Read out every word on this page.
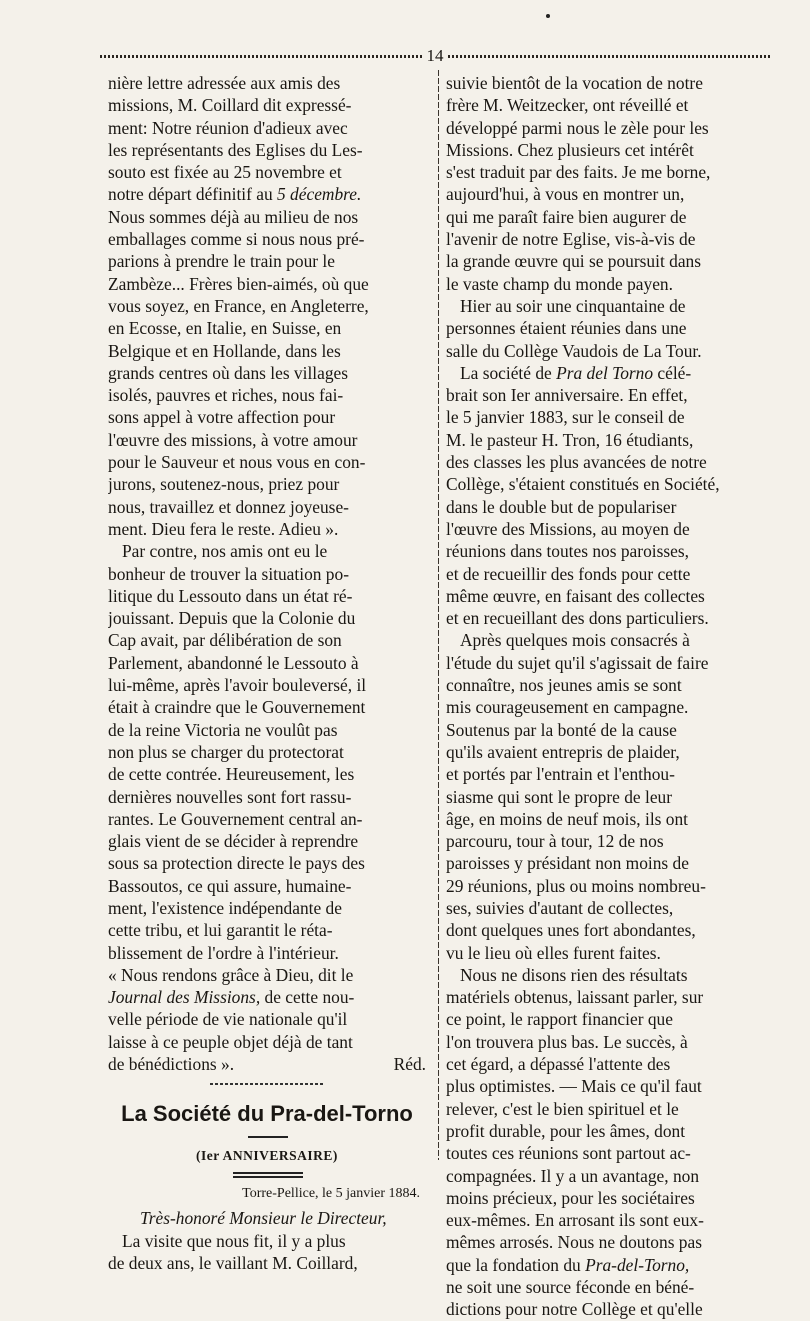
14
nière lettre adressée aux amis des
missions, M. Coillard dit expressé-
ment: Notre réunion d'adieux avec
les représentants des Eglises du Les-
souto est fixée au 25 novembre et
notre départ définitif au 5 décembre.
Nous sommes déjà au milieu de nos
emballages comme si nous nous pré-
parions à prendre le train pour le
Zambèze... Frères bien-aimés, où que
vous soyez, en France, en Angleterre,
en Ecosse, en Italie, en Suisse, en
Belgique et en Hollande, dans les
grands centres où dans les villages
isolés, pauvres et riches, nous fai-
sons appel à votre affection pour
l'œuvre des missions, à votre amour
pour le Sauveur et nous vous en con-
jurons, soutenez-nous, priez pour
nous, travaillez et donnez joyeuse-
ment. Dieu fera le reste. Adieu ».
Par contre, nos amis ont eu le
bonheur de trouver la situation po-
litique du Lessouto dans un état ré-
jouissant. Depuis que la Colonie du
Cap avait, par délibération de son
Parlement, abandonné le Lessouto à
lui-même, après l'avoir bouleversé, il
était à craindre que le Gouvernement
de la reine Victoria ne voulût pas
non plus se charger du protectorat
de cette contrée. Heureusement, les
dernières nouvelles sont fort rassu-
rantes. Le Gouvernement central an-
glais vient de se décider à reprendre
sous sa protection directe le pays des
Bassoutos, ce qui assure, humaine-
ment, l'existence indépendante de
cette tribu, et lui garantit le réta-
blissement de l'ordre à l'intérieur.
« Nous rendons grâce à Dieu, dit le
Journal des Missions, de cette nou-
velle période de vie nationale qu'il
laisse à ce peuple objet déjà de tant
de bénédictions ».	Réd.
La Société du Pra-del-Torno
(Ier ANNIVERSAIRE)
Torre-Pellice, le 5 janvier 1884.
Très-honoré Monsieur le Directeur,
La visite que nous fit, il y a plus
de deux ans, le vaillant M. Coillard,
suivie bientôt de la vocation de notre
frère M. Weitzecker, ont réveillé et
développé parmi nous le zèle pour les
Missions. Chez plusieurs cet intérêt
s'est traduit par des faits. Je me borne,
aujourd'hui, à vous en montrer un,
qui me paraît faire bien augurer de
l'avenir de notre Eglise, vis-à-vis de
la grande œuvre qui se poursuit dans
le vaste champ du monde payen.
Hier au soir une cinquantaine de
personnes étaient réunies dans une
salle du Collège Vaudois de La Tour.
La société de Pra del Torno célé-
brait son Ier anniversaire. En effet,
le 5 janvier 1883, sur le conseil de
M. le pasteur H. Tron, 16 étudiants,
des classes les plus avancées de notre
Collège, s'étaient constitués en Société,
dans le double but de populariser
l'œuvre des Missions, au moyen de
réunions dans toutes nos paroisses,
et de recueillir des fonds pour cette
même œuvre, en faisant des collectes
et en recueillant des dons particuliers.
Après quelques mois consacrés à
l'étude du sujet qu'il s'agissait de faire
connaître, nos jeunes amis se sont
mis courageusement en campagne.
Soutenus par la bonté de la cause
qu'ils avaient entrepris de plaider,
et portés par l'entrain et l'enthou-
siasme qui sont le propre de leur
âge, en moins de neuf mois, ils ont
parcouru, tour à tour, 12 de nos
paroisses y présidant non moins de
29 réunions, plus ou moins nombreu-
ses, suivies d'autant de collectes,
dont quelques unes fort abondantes,
vu le lieu où elles furent faites.
Nous ne disons rien des résultats
matériels obtenus, laissant parler, sur
ce point, le rapport financier que
l'on trouvera plus bas. Le succès, à
cet égard, a dépassé l'attente des
plus optimistes. — Mais ce qu'il faut
relever, c'est le bien spirituel et le
profit durable, pour les âmes, dont
toutes ces réunions sont partout ac-
compagnées. Il y a un avantage, non
moins précieux, pour les sociétaires
eux-mêmes. En arrosant ils sont eux-
mêmes arrosés. Nous ne doutons pas
que la fondation du Pra-del-Torno,
ne soit une source féconde en béné-
dictions pour notre Collège et qu'elle
